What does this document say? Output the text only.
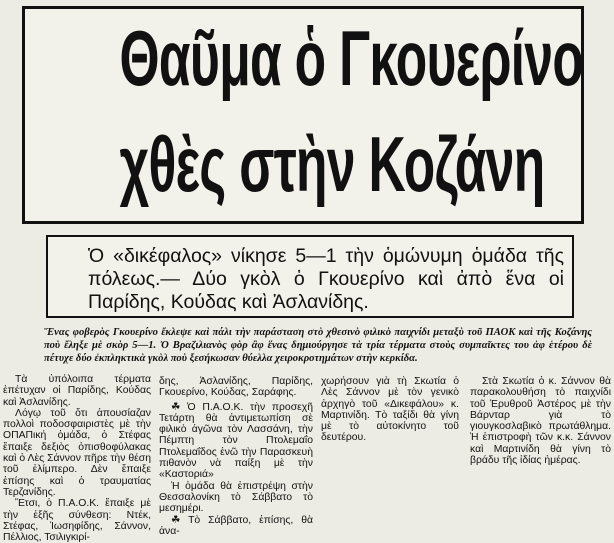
Θαῦμα ὁ Γκουερίνο
χθὲς στὴν Κοζάνη

Ὁ «δικέφαλος» νίκησε 5—1 τὴν ὁμώνυμη ὁμάδα τῆς πόλεως.— Δύο γκὸλ ὁ Γκουερίνο καὶ ἀπὸ ἕνα οἱ Παρίδης, Κούδας καὶ Ἀσλανίδης.

Ἕνας φοβερὸς Γκουερίνο ἔκλεψε καὶ πάλι τὴν παράσταση στὸ χθεσινὸ φιλικὸ παιχνίδι μεταξὺ τοῦ ΠΑΟΚ καὶ τῆς Κοζάνης ποὺ ἔληξε μὲ σκὸρ 5—1. Ὁ Βραζιλιανὸς φὸρ ἂφ ἕνας δημιούργησε τὰ τρία τέρματα στοὺς συμπαῖκτες του ἀφ ἑτέρου δὲ πέτυχε δύο ἐκπληκτικὰ γκὸλ ποὺ ξεσήκωσαν θύελλα χειροκροτημάτων στὴν κερκίδα.

Τὰ ὑπόλοιπα τέρματα ἐπέτυχαν οἱ Παρίδης, Κούδας καὶ Ἀσλανίδης.

Λόγῳ τοῦ ὅτι ἀπουσίαζαν πολλοὶ ποδοσφαιριστὲς μὲ τὴν ΟΠΑΠική ὁμάδα, ὁ Στέφας ἔπαιξε δεξιὸς ὀπισθοφύλακας καὶ ὁ Λὲς Σάννον πῆρε τὴν θέση τοῦ ἐλίμπερο. Δὲν ἔπαιξε ἐπίσης καὶ ὁ τραυματίας Τερζανίδης.

Ἔτσι, ὁ Π.Α.Ο.Κ. ἔπαιξε μὲ τὴν ἑξῆς σύνθεση: Ντέκ, Στέφας, Ἰωσηφίδης, Σάννον, Πέλλιος, Τσιλιγκιρί-

δης, Ἀσλανίδης, Παρίδης, Γκουερίνο, Κούδας, Σαράφης.

☘ Ὁ Π.Α.Ο.Κ. τὴν προσεχῆ Τετάρτη θὰ ἀντιμετωπίση σὲ φιλικὸ ἀγῶνα τὸν Λασσάνη, τὴν Πέμπτη τὸν Πτολεμαΐο Πτολεμαΐδος ἐνῶ τὴν Παρασκευὴ πιθανὸν νὰ παίξη μὲ τὴν «Καστοριά»

Ἡ ὁμάδα θὰ ἐπιστρέψη στὴν Θεσσαλονίκη τὸ Σάββατο τὸ μεσημέρι.

☘ Τὸ Σάββατο, ἐπίσης, θὰ ἀνα-

χωρήσουν γιὰ τὴ Σκωτία ὁ Λὲς Σάννον μὲ τὸν γενικὸ ἀρχηγὸ τοῦ «Δικεφάλου» κ. Μαρτινίδη. Τὸ ταξίδι θὰ γίνη μὲ τὸ αὐτοκίνητο τοῦ δευτέρου.

Στὰ Σκωτία ὁ κ. Σάννον θὰ παρακολουθήση τὸ παιχνίδι τοῦ Ἐρυθροῦ Ἀστέρος μὲ τὴν Βάρνταρ γιὰ τὸ γιουγκοσλαβικὸ πρωτάθλημα. Ἡ ἐπιστροφὴ τῶν κ.κ. Σάννον καὶ Μαρτινίδη θὰ γίνη τὸ βράδυ τῆς ἰδίας ἡμέρας.
